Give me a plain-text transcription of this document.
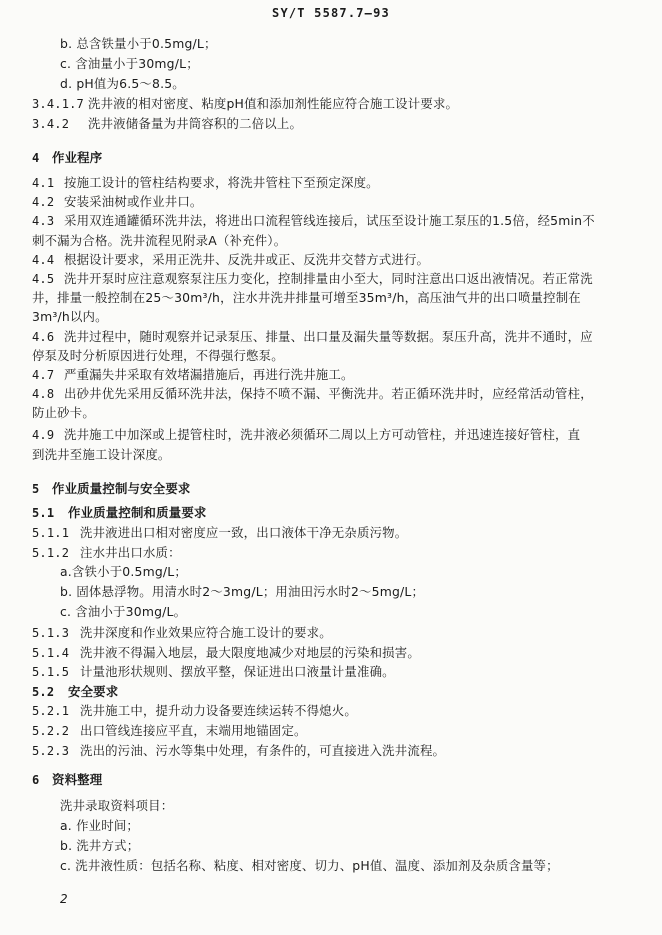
SY/T 5587.7—93
b. 总含铁量小于0.5mg/L；
c. 含油量小于30mg/L；
d. pH值为6.5～8.5。
3.4.1.7 洗井液的相对密度、粘度pH值和添加剂性能应符合施工设计要求。
3.4.2 洗井液储备量为井筒容积的二倍以上。
4 作业程序
4.1 按施工设计的管柱结构要求，将洗井管柱下至预定深度。
4.2 安装采油树或作业井口。
4.3 采用双连通罐循环洗井法，将进出口流程管线连接后，试压至设计施工泵压的1.5倍，经5min不
刺不漏为合格。洗井流程见附录A（补充件）。
4.4 根据设计要求，采用正洗井、反洗井或正、反洗井交替方式进行。
4.5 洗井开泵时应注意观察泵注压力变化，控制排量由小至大，同时注意出口返出液情况。若正常洗
井，排量一般控制在25～30m³/h，注水井洗井排量可增至35m³/h，高压油气井的出口喷量控制在
3m³/h以内。
4.6 洗井过程中，随时观察并记录泵压、排量、出口量及漏失量等数据。泵压升高，洗井不通时，应
停泵及时分析原因进行处理，不得强行憋泵。
4.7 严重漏失井采取有效堵漏措施后，再进行洗井施工。
4.8 出砂井优先采用反循环洗井法，保持不喷不漏、平衡洗井。若正循环洗井时，应经常活动管柱，
防止砂卡。
4.9 洗井施工中加深或上提管柱时，洗井液必须循环二周以上方可动管柱，并迅速连接好管柱，直
到洗井至施工设计深度。
5 作业质量控制与安全要求
5.1 作业质量控制和质量要求
5.1.1 洗井液进出口相对密度应一致，出口液体干净无杂质污物。
5.1.2 注水井出口水质：
a.含铁小于0.5mg/L；
b. 固体悬浮物。用清水时2～3mg/L；用油田污水时2～5mg/L；
c. 含油小于30mg/L。
5.1.3 洗井深度和作业效果应符合施工设计的要求。
5.1.4 洗井液不得漏入地层，最大限度地减少对地层的污染和损害。
5.1.5 计量池形状规则、摆放平整，保证进出口液量计量准确。
5.2 安全要求
5.2.1 洗井施工中，提升动力设备要连续运转不得熄火。
5.2.2 出口管线连接应平直，末端用地锚固定。
5.2.3 洗出的污油、污水等集中处理，有条件的，可直接进入洗井流程。
6 资料整理
洗井录取资料项目：
a. 作业时间；
b. 洗井方式；
c. 洗井液性质：包括名称、粘度、相对密度、切力、pH值、温度、添加剂及杂质含量等；
2
